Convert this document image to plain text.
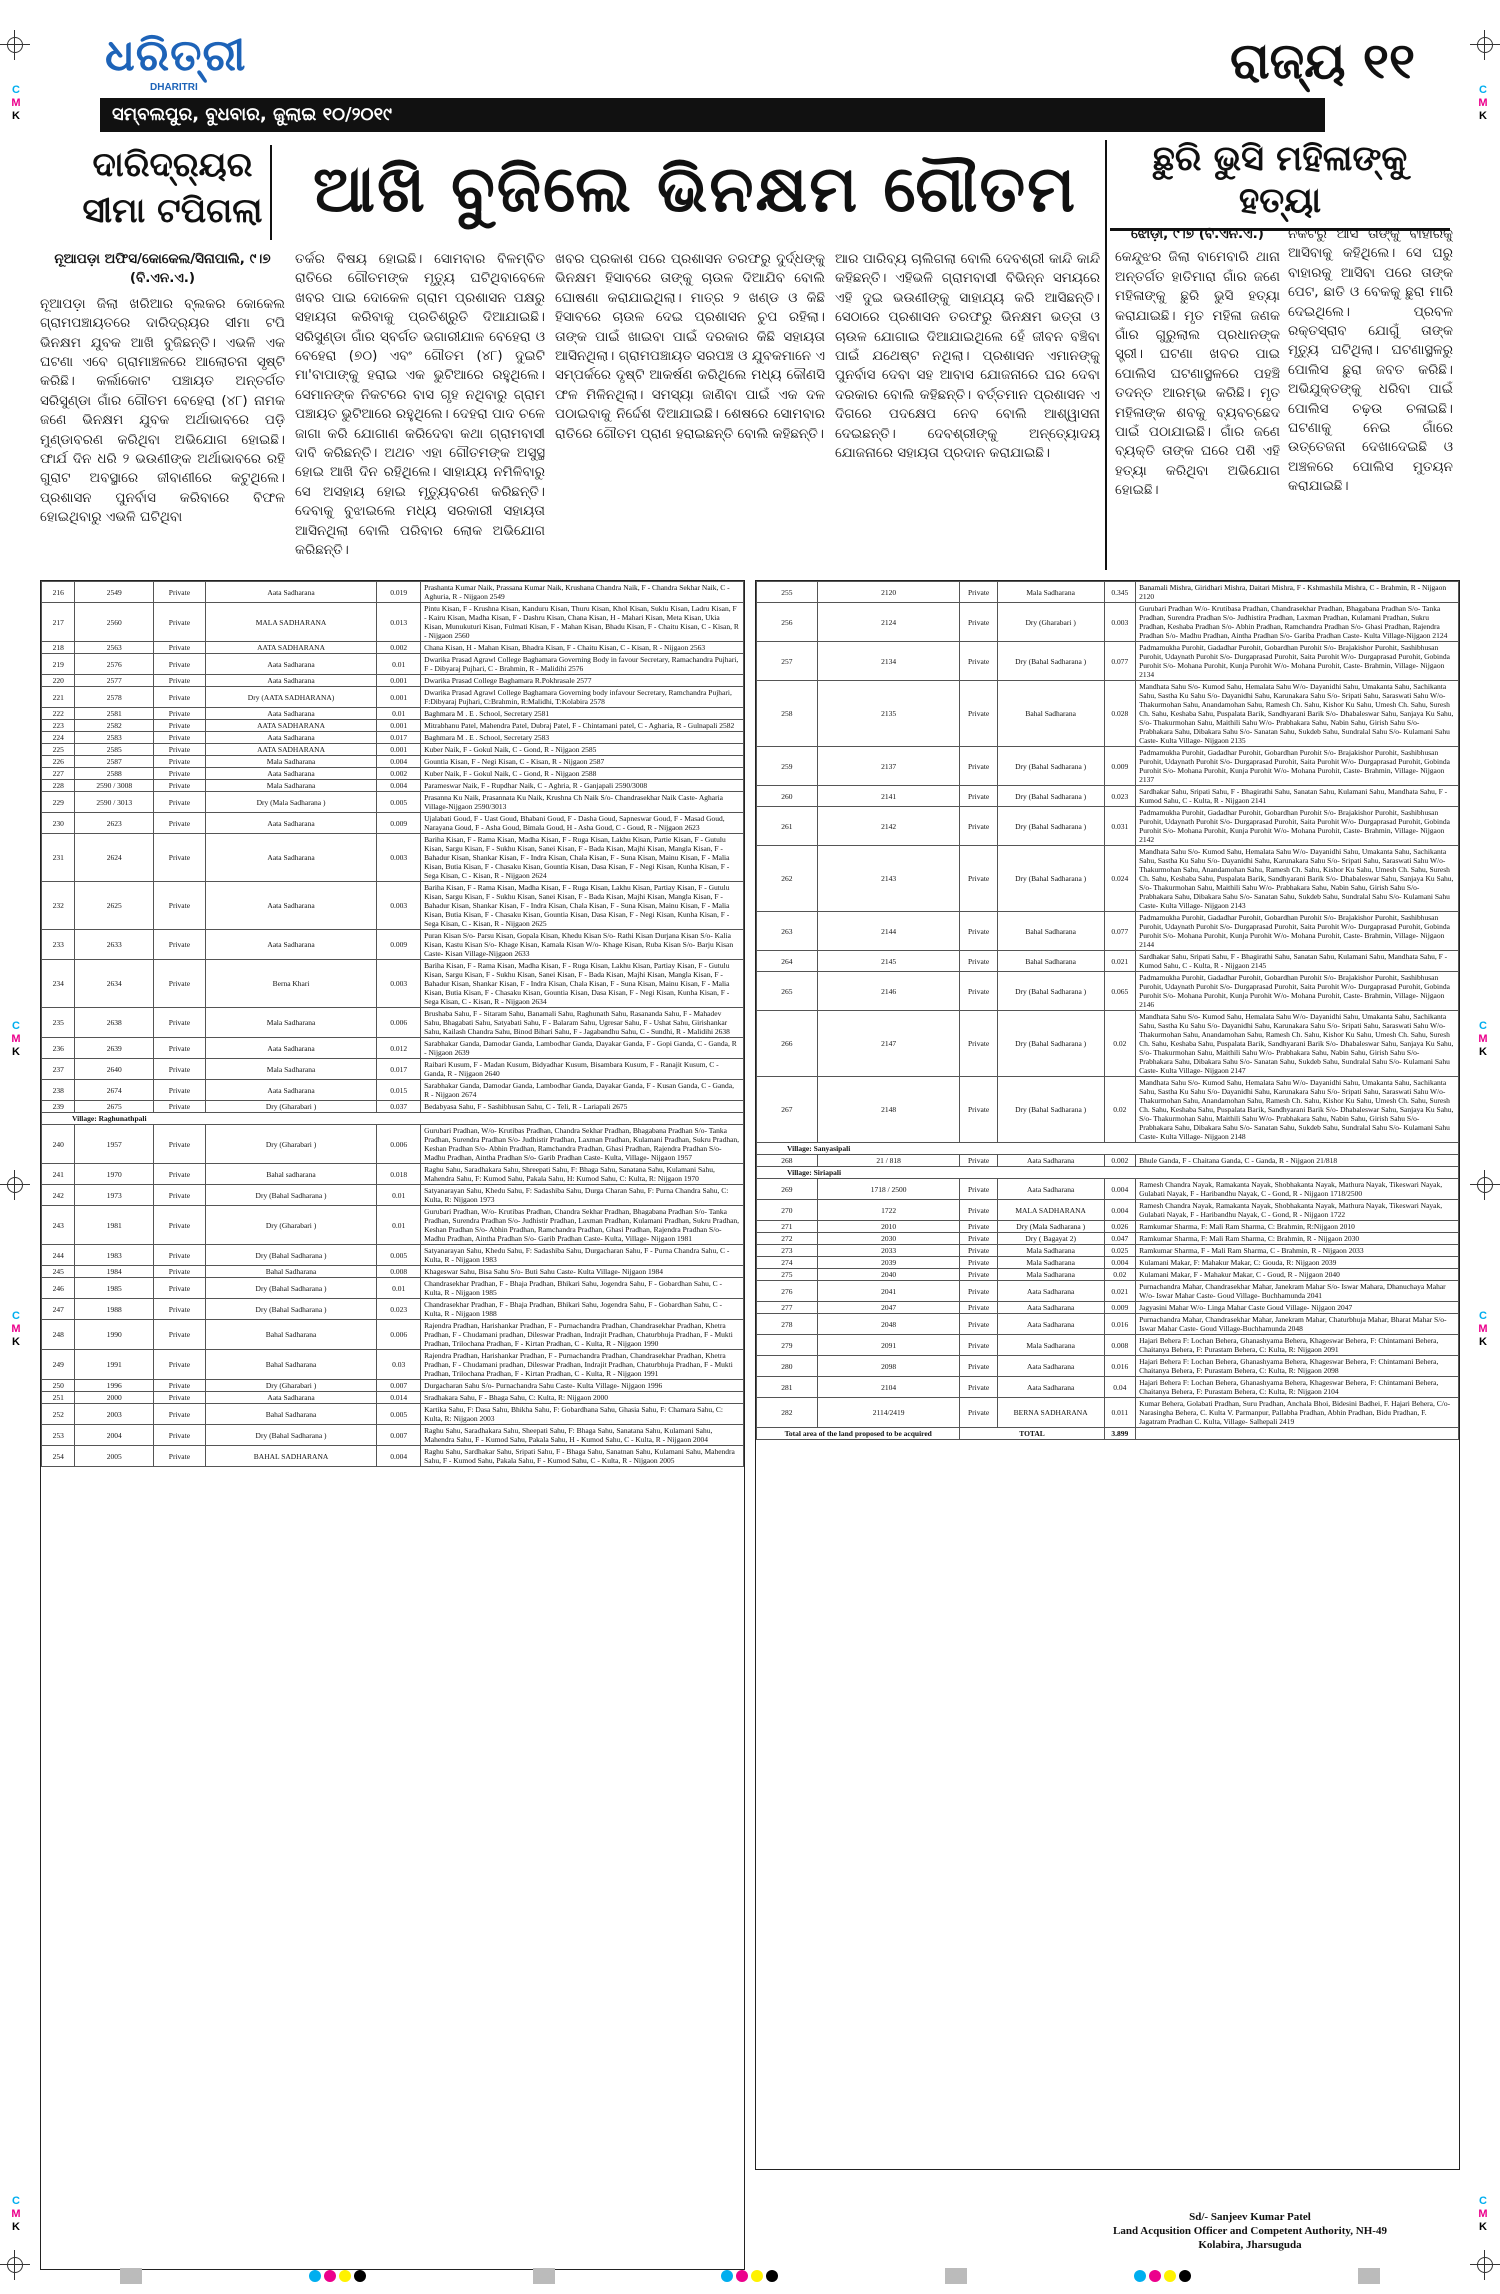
C
M
K
C
M
K
C
M
K
C
M
K
C
M
K
C
M
K
C
M
K
C
M
K
ଧରିତ୍ରୀ
DHARITRI
ସମ୍ବଲପୁର, ବୁଧବାର, ଜୁଲାଇ ୧୦/୨୦୧୯
ରାଜ୍ୟ ୧୧
ଦାରିଦ୍ର୍ୟର ସୀମା ଟପିଗଲା ଆଖି ବୁଜିଲେ ଭିନକ୍ଷମ ଗୌତମ	ଛୁରି ଭୁସି ମହିଳାଙ୍କୁ ହତ୍ୟା
ନୂଆପଡ଼ା ଅଫିସ/କୋକେଲ/ସିନାପାଲି, ୯।୭ (ବି.ଏନ.ଏ.)
ନୂଆପଡ଼ା ଜିଲା ଖରିଆର ବ୍ଲକର କୋକେଲ ଗ୍ରାମପଞ୍ଚାୟତରେ ଦାରିଦ୍ର୍ୟର ସୀମା ଟପି ଭିନକ୍ଷମ ଯୁବକ ଆଖି ବୁଜିଛନ୍ତି। ଏଭଳି ଏକ ଘଟଣା ଏବେ ଗ୍ରାମାଞ୍ଚଳରେ ଆଲୋଚନା ସୃଷ୍ଟି କରିଛି। କର୍ଲାକୋଟ ପଞ୍ଚାୟତ ଅନ୍ତର୍ଗତ ସରିସୁଣ୍ଡା ଗାଁର ଗୌତମ ବେହେରା (୪୮) ନାମକ ଜଣେ ଭିନକ୍ଷମ ଯୁବକ ଅର୍ଥାଭାବରେ ପଡ଼ି ମୁଣ୍ଡାବରଣ କରିଥିବା ଅଭିଯୋଗ ହୋଇଛି। ଫାର୍ଯ ଦିନ ଧରି ୨ ଭଉଣୀଙ୍କ ଅର୍ଥାଭାବରେ ରହି ଗୁରାଟ ଅବସ୍ଥାରେ ଜୀବାଣୀରେ କଟୁଥିଲେ। ପ୍ରଶାସନ ପୁନର୍ବାସ କରିବାରେ ବିଫଳ ହୋଇଥିବାରୁ ଏଭଳି ଘଟିଥିବା
ତର୍କର ବିଷୟ ହୋଇଛି। ସୋମବାର ବିଳମ୍ବିତ ରାତିରେ ଗୌତମଙ୍କ ମୃତ୍ୟୁ ଘଟିଥିବାବେଳେ ଖବର ପାଇ ଦୋକେଳ ଗ୍ରାମ ପ୍ରଶାସନ ପକ୍ଷରୁ ସହାୟତା କରିବାକୁ ପ୍ରତିଶ୍ରୁତି ଦିଆଯାଇଛି। ସରିସୁଣ୍ଡା ଗାଁର ସ୍ବର୍ଗତ ଭଗାରୀଯାଳ ବେହେରା ଓ ବେହେରା (୭୦) ଏବଂ ଗୌତମ (୪୮) ଦୁଇଟି ମା'ବାପାଙ୍କୁ ହରାଇ ଏକ ଭୁଟିଆରେ ରହୁଥିଲେ। ସେମାନଙ୍କ ନିକଟରେ ବାସ ଗୃହ ନଥିବାରୁ ଗ୍ରାମ ପଞ୍ଚାୟତ ଭୁଟିଆରେ ରହୁଥିଲେ। ଦେହରା ପାଦ ଚଳେ ଜାଗା କରି ଯୋଗାଣ କରିଦେବା କଥା ଗ୍ରାମବାସୀ ଦାବି କରିଛନ୍ତି। ଅଥଚ ଏହା ଗୌତମଙ୍କ ଅସୁସ୍ଥ ହୋଇ ଆଖି ଦିନ ରହିଥିଲେ। ସାହାଯ୍ୟ ନମିଳିବାରୁ ସେ ଅସହାୟ ହୋଇ ମୃତ୍ୟୁବରଣ କରିଛନ୍ତି। ଦେବାକୁ ବୁଝାଇଲେ ମଧ୍ୟ ସରକାରୀ ସହାୟତା ଆସିନଥିଲା ବୋଲି ପରିବାର ଲୋକ ଅଭିଯୋଗ କରିଛନ୍ତି।
ଖବର ପ୍ରକାଶ ପରେ ପ୍ରଶାସନ ତରଫରୁ ଦୁର୍ଦ୍ଧଙ୍କୁ ଭିନକ୍ଷମ ହିସାବରେ ତାଙ୍କୁ ଚାଉଳ ଦିଆଯିବ ବୋଲି ଘୋଷଣା କରାଯାଇଥିଲା। ମାତ୍ର ୨ ଖଣ୍ଡ ଓ କିଛି ହିସାବରେ ଚାଉଳ ଦେଇ ପ୍ରଶାସନ ଚୁପ ରହିଲା। ତାଙ୍କ ପାଇଁ ଖାଇବା ପାଇଁ ଦରକାର କିଛି ସହାୟତା ଆସିନଥିଲା। ଗ୍ରାମପଞ୍ଚାୟତ ସରପଞ୍ଚ ଓ ଯୁବକମାନେ ଏ ସମ୍ପର୍କରେ ଦୃଷ୍ଟି ଆକର୍ଷଣ କରିଥିଲେ ମଧ୍ୟ କୌଣସି ଫଳ ମିଳିନଥିଲା। ସମସ୍ୟା ଜାଣିବା ପାଇଁ ଏକ ଦଳ ପଠାଇବାକୁ ନିର୍ଦ୍ଦେଶ ଦିଆଯାଇଛି। ଶେଷରେ ସୋମବାର ରାତିରେ ଗୌତମ ପ୍ରାଣ ହରାଇଛନ୍ତି ବୋଲି କହିଛନ୍ତି।
ଆର ପାରିବ୍ୟ ଚାଲିଗଲା ବୋଲି ଦେବଶ୍ରୀ କାନ୍ଦି କାନ୍ଦି କହିଛନ୍ତି। ଏହିଭଳି ଗ୍ରାମବାସୀ ବିଭିନ୍ନ ସମୟରେ ଏହି ଦୁଇ ଭଉଣୀଙ୍କୁ ସାହାଯ୍ୟ କରି ଆସିଛନ୍ତି। ସେଠାରେ ପ୍ରଶାସନ ତରଫରୁ ଭିନକ୍ଷମ ଭତ୍ତା ଓ ଚାଉଳ ଯୋଗାଇ ଦିଆଯାଇଥିଲେ ହେଁ ଜୀବନ ବଞ୍ଚିବା ପାଇଁ ଯଥେଷ୍ଟ ନଥିଲା। ପ୍ରଶାସନ ଏମାନଙ୍କୁ ପୁନର୍ବାସ ଦେବା ସହ ଆବାସ ଯୋଜନାରେ ଘର ଦେବା ଦରକାର ବୋଲି କହିଛନ୍ତି। ବର୍ତ୍ତମାନ ପ୍ରଶାସନ ଏ ଦିଗରେ ପଦକ୍ଷେପ ନେବ ବୋଲି ଆଶ୍ୱାସନା ଦେଇଛନ୍ତି। ଦେବଶ୍ରୀଙ୍କୁ ଅନ୍ତ୍ୟୋଦୟ ଯୋଜନାରେ ସହାୟତା ପ୍ରଦାନ କରାଯାଇଛି।
ଝୋଡ଼ା, ୯।୭ (ବି.ଏନ.ଏ.)
କେନ୍ଦୁଝର ଜିଲା ବାମେବାରି ଥାନା ଅନ୍ତର୍ଗତ ହାତିମାରା ଗାଁର ଜଣେ ମହିଳାଙ୍କୁ ଛୁରି ଭୁସି ହତ୍ୟା କରାଯାଇଛି। ମୃତ ମହିଳା ଜଣକ ଗାଁର ଗୁରୁଲାଲ ପ୍ରଧାନଙ୍କ ସ୍ତ୍ରୀ। ଘଟଣା ଖବର ପାଇ ପୋଲିସ ଘଟଣାସ୍ଥଳରେ ପହଞ୍ଚି ତଦନ୍ତ ଆରମ୍ଭ କରିଛି। ମୃତ ମହିଳାଙ୍କ ଶବକୁ ବ୍ୟବଚ୍ଛେଦ ପାଇଁ ପଠାଯାଇଛି। ଗାଁର ଜଣେ ବ୍ୟକ୍ତି ତାଙ୍କ ଘରେ ପଶି ଏହି ହତ୍ୟା କରିଥିବା ଅଭିଯୋଗ ହୋଇଛି।
ନିକଟରୁ ଆସି ତାଙ୍କୁ ବାହାରକୁ ଆସିବାକୁ କହିଥିଲେ। ସେ ଘରୁ ବାହାରକୁ ଆସିବା ପରେ ତାଙ୍କ ପେଟ, ଛାତି ଓ ବେକକୁ ଛୁରା ମାରି ଦେଇଥିଲେ। ପ୍ରବଳ ରକ୍ତସ୍ରାବ ଯୋଗୁଁ ତାଙ୍କ ମୃତ୍ୟୁ ଘଟିଥିଲା। ଘଟଣାସ୍ଥଳରୁ ପୋଲିସ ଛୁରା ଜବତ କରିଛି। ଅଭିଯୁକ୍ତଙ୍କୁ ଧରିବା ପାଇଁ ପୋଲିସ ଚଢ଼ଉ ଚଳାଇଛି। ଘଟଣାକୁ ନେଇ ଗାଁରେ ଉତ୍ତେଜନା ଦେଖାଦେଇଛି ଓ ଅଞ୍ଚଳରେ ପୋଲିସ ମୁତୟନ କରାଯାଇଛି।
216	2549	Private	Aata Sadharana	0.019	Prashanta Kumar Naik, Prassana Kumar Naik, Krushana Chandra Naik, F - Chandra Sekhar Naik, C - Aghuria, R - Nijgaon 2549
217	2560	Private	MALA SADHARANA	0.013	Pintu Kisan, F - Krushna Kisan, Kanduru Kisan, Thuru Kisan, Khol Kisan, Suklu Kisan, Ladru Kisan, F - Kairu Kisan, Madha Kisan, F - Dashru Kisan, Chana Kisan, H - Mahari Kisan, Meta Kisan, Ukia Kisan, Munukuturi Kisan, Fulmati Kisan, F - Mahan Kisan, Bhadu Kisan, F - Chaitu Kisan, C - Kisan, R - Nijgaon 2560
218	2563	Private	AATA SADHARANA	0.002	Chana Kisan, H - Mahan Kisan, Bhadra Kisan, F - Chaitu Kisan, C - Kisan, R - Nijgaon 2563
219	2576	Private	Aata Sadharana	0.01	Dwarika Prasad Agrawl College Baghamara Governing Body in favour Secretary, Ramachandra Pujhari, F - Dibyaraj Pujhari, C - Brahmin, R - Malidihi 2576
220	2577	Private	Aata Sadharana	0.001	Dwarika Prasad College Baghamara R.Pokhrasale 2577
221	2578	Private	Dry (AATA SADHARANA)	0.001	Dwarika Prasad Agrawl College Baghamara Governing body infavour Secretary, Ramchandra Pujhari, F:Dibyaraj Pujhari, C:Brahmin, R:Malidhi, T:Kolabira 2578
222	2581	Private	Aata Sadharana	0.01	Baghmara M . E . School, Secretary 2581
223	2582	Private	AATA SADHARANA	0.001	Mitrabhanu Patel, Mahendra Patel, Dubraj Patel, F - Chintamani patel, C - Agharia, R - Gulnapali 2582
224	2583	Private	Aata Sadharana	0.017	Baghmara M . E . School, Secretary 2583
225	2585	Private	AATA SADHARANA	0.001	Kuber Naik, F - Gokul Naik, C - Gond, R - Nijgaon 2585
226	2587	Private	Mala Sadharana	0.004	Gountia Kisan, F - Negi Kisan, C - Kisan, R - Nijgaon 2587
227	2588	Private	Aata Sadharana	0.002	Kuber Naik, F - Gokul Naik, C - Gond, R - Nijgaon 2588
228	2590 / 3008	Private	Mala Sadharana	0.004	Parameswar Naik, F - Rupdhar Naik, C - Aghria, R - Ganjapali 2590/3008
229	2590 / 3013	Private	Dry (Mala Sadharana )	0.005	Prasanna Ku Naik, Prasannata Ku Naik, Krushna Ch Naik S/o- Chandrasekhar Naik Caste- Agharia Village-Nijgaon 2590/3013
230	2623	Private	Aata Sadharana	0.009	Ujalabati Goud, F - Uast Goud, Bhabani Goud, F - Dasha Goud, Sapneswar Goud, F - Masad Goud, Narayana Goud, F - Asha Goud, Bimala Goud, H - Asha Goud, C - Goud, R - Nijgaon 2623
231	2624	Private	Aata Sadharana	0.003	Bariha Kisan, F - Rama Kisan, Madha Kisan, F - Ruga Kisan, Lakhu Kisan, Partie Kisan, F - Gutulu Kisan, Sargu Kisan, F - Sukhu Kisan, Sanei Kisan, F - Bada Kisan, Majhi Kisan, Mangla Kisan, F - Bahadur Kisan, Shankar Kisan, F - Indra Kisan, Chala Kisan, F - Suna Kisan, Mainu Kisan, F - Malia Kisan, Butia Kisan, F - Chasaku Kisan, Gountia Kisan, Dasa Kisan, F - Negi Kisan, Kunha Kisan, F - Sega Kisan, C - Kisan, R - Nijgaon 2624
232	2625	Private	Aata Sadharana	0.003	Bariha Kisan, F - Rama Kisan, Madha Kisan, F - Ruga Kisan, Lakhu Kisan, Partiay Kisan, F - Gutulu Kisan, Sargu Kisan, F - Sukhu Kisan, Sanei Kisan, F - Bada Kisan, Majhi Kisan, Mangla Kisan, F - Bahadur Kisan, Shankar Kisan, F - Indra Kisan, Chala Kisan, F - Suna Kisan, Mainu Kisan, F - Malia Kisan, Butia Kisan, F - Chasaku Kisan, Gountia Kisan, Dasa Kisan, F - Negi Kisan, Kunha Kisan, F - Sega Kisan, C - Kisan, R - Nijgaon 2625
233	2633	Private	Aata Sadharana	0.009	Puran Kisan S/o- Parsu Kisan, Gopala Kisan, Khedu Kisan S/o- Rathi Kisan Durjana Kisan S/o- Kalia Kisan, Kastu Kisan S/o- Khage Kisan, Kamala Kisan W/o- Khage Kisan, Ruba Kisan S/o- Barju Kisan Caste- Kisan Village-Nijgaon 2633
234	2634	Private	Berna Khari	0.003	Bariha Kisan, F - Rama Kisan, Madha Kisan, F - Ruga Kisan, Lakhu Kisan, Partiay Kisan, F - Gutulu Kisan, Sargu Kisan, F - Sukhu Kisan, Sanei Kisan, F - Bada Kisan, Majhi Kisan, Mangla Kisan, F - Bahadur Kisan, Shankar Kisan, F - Indra Kisan, Chala Kisan, F - Suna Kisan, Mainu Kisan, F - Malia Kisan, Butia Kisan, F - Chasaku Kisan, Gountia Kisan, Dasa Kisan, F - Negi Kisan, Kunha Kisan, F - Sega Kisan, C - Kisan, R - Nijgaon 2634
235	2638	Private	Mala Sadharana	0.006	Brushaba Sahu, F - Sitaram Sahu, Banamali Sahu, Raghunath Sahu, Rasananda Sahu, F - Mahadev Sahu, Bhagabati Sahu, Satyabati Sahu, F - Balaram Sahu, Ugresar Sahu, F - Ushat Sahu, Girishankar Sahu, Kailash Chandra Sahu, Binod Bihari Sahu, F - Jagabandhu Sahu, C - Sundhi, R - Malidihi 2638
236	2639	Private	Aata Sadharana	0.012	Sarabhakar Ganda, Damodar Ganda, Lambodhar Ganda, Dayakar Ganda, F - Gopi Ganda, C - Ganda, R - Nijgaon 2639
237	2640	Private	Mala Sadharana	0.017	Raibari Kusum, F - Madan Kusum, Bidyadhar Kusum, Bisambara Kusum, F - Ranajit Kusum, C - Ganda, R - Nijgaon 2640
238	2674	Private	Aata Sadharana	0.015	Sarabhakar Ganda, Damodar Ganda, Lambodhar Ganda, Dayakar Ganda, F - Kusan Ganda, C - Ganda, R - Nijgaon 2674
239	2675	Private	Dry (Gharabari )	0.037	Bedabyasa Sahu, F - Sashibhusan Sahu, C - Teli, R - Lariapali 2675
Village: Raghunathpali					
240	1957	Private	Dry (Gharabari )	0.006	Gurubari Pradhan, W/o- Krutibas Pradhan, Chandra Sekhar Pradhan, Bhagabana Pradhan S/o- Tanka Pradhan, Surendra Pradhan S/o- Judhistir Pradhan, Laxman Pradhan, Kulamani Pradhan, Sukru Pradhan, Keshan Pradhan S/o- Abhin Pradhan, Ramchandra Pradhan, Ghasi Pradhan, Rajendra Pradhan S/o- Madhu Pradhan, Aintha Pradhan S/o- Garib Pradhan Caste- Kulta, Village- Nijgaon 1957
241	1970	Private	Bahal sadharana	0.018	Raghu Sahu, Saradhakara Sahu, Shreepati Sahu, F: Bhaga Sahu, Sanatana Sahu, Kulamani Sahu, Mahendra Sahu, F: Kumod Sahu, Pakala Sahu, H: Kumod Sahu, C: Kulta, R: Nijgaon 1970
242	1973	Private	Dry (Bahal Sadharana )	0.01	Satyanarayan Sahu, Khedu Sahu, F: Sadashiba Sahu, Durga Charan Sahu, F: Purna Chandra Sahu, C: Kulta, R: Nijgaon 1973
243	1981	Private	Dry (Gharabari )	0.01	Gurubari Pradhan, W/o- Krutibas Pradhan, Chandra Sekhar Pradhan, Bhagabana Pradhan S/o- Tanka Pradhan, Surendra Pradhan S/o- Judhistir Pradhan, Laxman Pradhan, Kulamani Pradhan, Sukru Pradhan, Keshan Pradhan S/o- Abhin Pradhan, Ramchandra Pradhan, Ghasi Pradhan, Rajendra Pradhan S/o- Madhu Pradhan, Aintha Pradhan S/o- Garib Pradhan Caste- Kulta, Village- Nijgaon 1981
244	1983	Private	Dry (Bahal Sadharana )	0.005	Satyanarayan Sahu, Khedu Sahu, F: Sadashiba Sahu, Durgacharan Sahu, F - Purna Chandra Sahu, C - Kulta, R - Nijgaon 1983
245	1984	Private	Bahal Sadharana	0.008	Khageswar Sahu, Bisa Sahu S/o- Buti Sahu Caste- Kulta Village- Nijgaon 1984
246	1985	Private	Dry (Bahal Sadharana )	0.01	Chandrasekhar Pradhan, F - Bhaja Pradhan, Bhikari Sahu, Jogendra Sahu, F - Gobardhan Sahu, C - Kulta, R - Nijgaon 1985
247	1988	Private	Dry (Bahal Sadharana )	0.023	Chandrasekhar Pradhan, F - Bhaja Pradhan, Bhikari Sahu, Jogendra Sahu, F - Gobardhan Sahu, C - Kulta, R - Nijgaon 1988
248	1990	Private	Bahal Sadharana	0.006	Rajendra Pradhan, Harishankar Pradhan, F - Purnachandra Pradhan, Chandrasekhar Pradhan, Khetra Pradhan, F - Chudamani pradhan, Dileswar Pradhan, Indrajit Pradhan, Chaturbhuja Pradhan, F - Mukti Pradhan, Trilochana Pradhan, F - Kirtan Pradhan, C - Kulta, R - Nijgaon 1990
249	1991	Private	Bahal Sadharana	0.03	Rajendra Pradhan, Harishankar Pradhan, F - Purnachandra Pradhan, Chandrasekhar Pradhan, Khetra Pradhan, F - Chudamani pradhan, Dileswar Pradhan, Indrajit Pradhan, Chaturbhuja Pradhan, F - Mukti Pradhan, Trilochana Pradhan, F - Kirtan Pradhan, C - Kulta, R - Nijgaon 1991
250	1996	Private	Dry (Gharabari )	0.007	Durgacharan Sahu S/o- Purnachandra Sahu Caste- Kulta Village- Nijgaon 1996
251	2000	Private	Aata Sadharana	0.014	Sradhakara Sahu, F - Bhaga Sahu, C: Kulta, R: Nijgaon 2000
252	2003	Private	Bahal Sadharana	0.005	Kartika Sahu, F: Dasa Sahu, Bhikha Sahu, F: Gobardhana Sahu, Ghasia Sahu, F: Chamara Sahu, C: Kulta, R: Nijgaon 2003
253	2004	Private	Dry (Bahal Sadharana )	0.007	Raghu Sahu, Saradhakara Sahu, Sheepati Sahu, F: Bhaga Sahu, Sanatana Sahu, Kulamani Sahu, Mahendra Sahu, F - Kumod Sahu, Pakala Sahu, H - Kumod Sahu, C - Kulta, R - Nijgaon 2004
254	2005	Private	BAHAL SADHARANA	0.004	Raghu Sahu, Sardhakar Sahu, Sripati Sahu, F - Bhaga Sahu, Sanatnan Sahu, Kulamani Sahu, Mahendra Sahu, F - Kumod Sahu, Pakala Sahu, F - Kumod Sahu, C - Kulta, R - Nijgaon 2005
255	2120	Private	Mala Sadharana	0.345	Banamali Mishra, Giridhari Mishra, Daitari Mishra, F - Kshmashila Mishra, C - Brahmin, R - Nijgaon 2120
256	2124	Private	Dry (Gharabari )	0.003	Gurubari Pradhan W/o- Krutibasa Pradhan, Chandrasekhar Pradhan, Bhagabana Pradhan S/o- Tanka Pradhan, Surendra Pradhan S/o- Judhistira Pradhan, Laxman Pradhan, Kulamani Pradhan, Sukru Pradhan, Keshaba Pradhan S/o- Abhin Pradhan, Ramchandra Pradhan S/o- Ghasi Pradhan, Rajendra Pradhan S/o- Madhu Pradhan, Aintha Pradhan S/o- Gariba Pradhan Caste- Kulta Village-Nijgaon 2124
257	2134	Private	Dry (Bahal Sadharana )	0.077	Padmamukha Purohit, Gadadhar Purohit, Gobardhan Purohit S/o- Brajakishor Purohit, Sashibhusan Purohit, Udaynath Purohit S/o- Durgaprasad Purohit, Saita Purohit W/o- Durgaprasad Purohit, Gobinda Purohit S/o- Mohana Purohit, Kunja Purohit W/o- Mohana Purohit, Caste- Brahmin, Village- Nijgaon 2134
258	2135	Private	Bahal Sadharana	0.028	Mandhata Sahu S/o- Kumod Sahu, Hemalata Sahu W/o- Dayanidhi Sahu, Umakanta Sahu, Sachikanta Sahu, Sastha Ku Sahu S/o- Dayanidhi Sahu, Karunakara Sahu S/o- Sripati Sahu, Saraswati Sahu W/o- Thakurmohan Sahu, Anandamohan Sahu, Ramesh Ch. Sahu, Kishor Ku Sahu, Umesh Ch. Sahu, Suresh Ch. Sahu, Keshaba Sahu, Puspalata Barik, Sandhyarani Barik S/o- Dhabaleswar Sahu, Sanjaya Ku Sahu, S/o- Thakurmohan Sahu, Maithili Sahu W/o- Prabhakara Sahu, Nabin Sahu, Girish Sahu S/o- Prabhakara Sahu, Dibakara Sahu S/o- Sanatan Sahu, Sukdeb Sahu, Sundralal Sahu S/o- Kulamani Sahu Caste- Kulta Village- Nijgaon 2135
259	2137	Private	Dry (Bahal Sadharana )	0.009	Padmamukha Purohit, Gadadhar Purohit, Gobardhan Purohit S/o- Brajakishor Purohit, Sashibhusan Purohit, Udaynath Purohit S/o- Durgaprasad Purohit, Saita Purohit W/o- Durgaprasad Purohit, Gobinda Purohit S/o- Mohana Purohit, Kunja Purohit W/o- Mohana Purohit, Caste- Brahmin, Village- Nijgaon 2137
260	2141	Private	Dry (Bahal Sadharana )	0.023	Sardhakar Sahu, Sripati Sahu, F - Bhagirathi Sahu, Sanatan Sahu, Kulamani Sahu, Mandhata Sahu, F - Kumod Sahu, C - Kulta, R - Nijgaon 2141
261	2142	Private	Dry (Bahal Sadharana )	0.031	Padmamukha Purohit, Gadadhar Purohit, Gobardhan Purohit S/o- Brajakishor Purohit, Sashibhusan Purohit, Udaynath Purohit S/o- Durgaprasad Purohit, Saita Purohit W/o- Durgaprasad Purohit, Gobinda Purohit S/o- Mohana Purohit, Kunja Purohit W/o- Mohana Purohit, Caste- Brahmin, Village- Nijgaon 2142
262	2143	Private	Dry (Bahal Sadharana )	0.024	Mandhata Sahu S/o- Kumod Sahu, Hemalata Sahu W/o- Dayanidhi Sahu, Umakanta Sahu, Sachikanta Sahu, Sastha Ku Sahu S/o- Dayanidhi Sahu, Karunakara Sahu S/o- Sripati Sahu, Saraswati Sahu W/o- Thakurmohan Sahu, Anandamohan Sahu, Ramesh Ch. Sahu, Kishor Ku Sahu, Umesh Ch. Sahu, Suresh Ch. Sahu, Keshaba Sahu, Puspalata Barik, Sandhyarani Barik S/o- Dhabaleswar Sahu, Sanjaya Ku Sahu, S/o- Thakurmohan Sahu, Maithili Sahu W/o- Prabhakara Sahu, Nabin Sahu, Girish Sahu S/o- Prabhakara Sahu, Dibakara Sahu S/o- Sanatan Sahu, Sukdeb Sahu, Sundralal Sahu S/o- Kulamani Sahu Caste- Kulta Village- Nijgaon 2143
263	2144	Private	Bahal Sadharana	0.077	Padmamukha Purohit, Gadadhar Purohit, Gobardhan Purohit S/o- Brajakishor Purohit, Sashibhusan Purohit, Udaynath Purohit S/o- Durgaprasad Purohit, Saita Purohit W/o- Durgaprasad Purohit, Gobinda Purohit S/o- Mohana Purohit, Kunja Purohit W/o- Mohana Purohit, Caste- Brahmin, Village- Nijgaon 2144
264	2145	Private	Bahal Sadharana	0.021	Sardhakar Sahu, Sripati Sahu, F - Bhagirathi Sahu, Sanatan Sahu, Kulamani Sahu, Mandhata Sahu, F - Kumod Sahu, C - Kulta, R - Nijgaon 2145
265	2146	Private	Dry (Bahal Sadharana )	0.065	Padmamukha Purohit, Gadadhar Purohit, Gobardhan Purohit S/o- Brajakishor Purohit, Sashibhusan Purohit, Udaynath Purohit S/o- Durgaprasad Purohit, Saita Purohit W/o- Durgaprasad Purohit, Gobinda Purohit S/o- Mohana Purohit, Kunja Purohit W/o- Mohana Purohit, Caste- Brahmin, Village- Nijgaon 2146
266	2147	Private	Dry (Bahal Sadharana )	0.02	Mandhata Sahu S/o- Kumod Sahu, Hemalata Sahu W/o- Dayanidhi Sahu, Umakanta Sahu, Sachikanta Sahu, Sastha Ku Sahu S/o- Dayanidhi Sahu, Karunakara Sahu S/o- Sripati Sahu, Saraswati Sahu W/o- Thakurmohan Sahu, Anandamohan Sahu, Ramesh Ch. Sahu, Kishor Ku Sahu, Umesh Ch. Sahu, Suresh Ch. Sahu, Keshaba Sahu, Puspalata Barik, Sandhyarani Barik S/o- Dhabaleswar Sahu, Sanjaya Ku Sahu, S/o- Thakurmohan Sahu, Maithili Sahu W/o- Prabhakara Sahu, Nabin Sahu, Girish Sahu S/o- Prabhakara Sahu, Dibakara Sahu S/o- Sanatan Sahu, Sukdeb Sahu, Sundralal Sahu S/o- Kulamani Sahu Caste- Kulta Village- Nijgaon 2147
267	2148	Private	Dry (Bahal Sadharana )	0.02	Mandhata Sahu S/o- Kumod Sahu, Hemalata Sahu W/o- Dayanidhi Sahu, Umakanta Sahu, Sachikanta Sahu, Sastha Ku Sahu S/o- Dayanidhi Sahu, Karunakara Sahu S/o- Sripati Sahu, Saraswati Sahu W/o- Thakurmohan Sahu, Anandamohan Sahu, Ramesh Ch. Sahu, Kishor Ku Sahu, Umesh Ch. Sahu, Suresh Ch. Sahu, Keshaba Sahu, Puspalata Barik, Sandhyarani Barik S/o- Dhabaleswar Sahu, Sanjaya Ku Sahu, S/o- Thakurmohan Sahu, Maithili Sahu W/o- Prabhakara Sahu, Nabin Sahu, Girish Sahu S/o- Prabhakara Sahu, Dibakara Sahu S/o- Sanatan Sahu, Sukdeb Sahu, Sundralal Sahu S/o- Kulamani Sahu Caste- Kulta Village- Nijgaon 2148
Village: Sanyasipali					
268	21 / 818	Private	Aata Sadharana	0.002	Bhule Ganda, F - Chaitana Ganda, C - Ganda, R - Nijgaon 21/818
Village: Siriapali					
269	1718 / 2500	Private	Aata Sadharana	0.004	Ramesh Chandra Nayak, Ramakanta Nayak, Shobhakanta Nayak, Mathura Nayak, Tikeswari Nayak, Gulabati Nayak, F - Haribandhu Nayak, C - Gond, R - Nijgaon 1718/2500
270	1722	Private	MALA SADHARANA	0.004	Ramesh Chandra Nayak, Ramakanta Nayak, Shobhakanta Nayak, Mathura Nayak, Tikeswari Nayak, Gulabati Nayak, F - Haribandhu Nayak, C - Gond, R - Nijgaon 1722
271	2010	Private	Dry (Mala Sadharana )	0.026	Ramkumar Sharma, F: Mali Ram Sharma, C: Brahmin, R:Nijgaon 2010
272	2030	Private	Dry ( Bagayat 2)	0.047	Ramkumar Sharma, F: Mali Ram Sharma, C: Brahmin, R - Nijgaon 2030
273	2033	Private	Mala Sadharana	0.025	Ramkumar Sharma, F - Mali Ram Sharma, C - Brahmin, R - Nijgaon 2033
274	2039	Private	Mala Sadharana	0.004	Kulamani Makar, F: Mahakur Makar, C: Gouda, R: Nijgaon 2039
275	2040	Private	Mala Sadharana	0.02	Kulamani Makar, F - Mahakur Makar, C - Goud, R - Nijgaon 2040
276	2041	Private	Aata Sadharana	0.021	Purnachandra Mahar, Chandrasekhar Mahar, Janekram Mahar S/o- Iswar Mahara, Dhanuchaya Mahar W/o- Iswar Mahar Caste- Goud Village- Buchhamunda 2041
277	2047	Private	Aata Sadharana	0.009	Jagyasini Mahar W/o- Linga Mahar Caste Goud Village- Nijgaon 2047
278	2048	Private	Aata Sadharana	0.016	Purnachandra Mahar, Chandrasekhar Mahar, Janekram Mahar, Chaturbhuja Mahar, Bharat Mahar S/o- Iswar Mahar Caste- Goud Village-Buchhamunda 2048
279	2091	Private	Mala Sadharana	0.008	Hajari Behera F: Lochan Behera, Ghanashyama Behera, Khageswar Behera, F: Chintamani Behera, Chaitanya Behera, F: Purastam Behera, C: Kulta, R: Nijgaon 2091
280	2098	Private	Aata Sadharana	0.016	Hajari Behera F: Lochan Behera, Ghanashyama Behera, Khageswar Behera, F: Chintamani Behera, Chaitanya Behera, F: Purastam Behera, C: Kulta, R: Nijgaon 2098
281	2104	Private	Aata Sadharana	0.04	Hajari Behera F: Lochan Behera, Ghanashyama Behera, Khageswar Behera, F: Chintamani Behera, Chaitanya Behera, F: Purastam Behera, C: Kulta, R: Nijgaon 2104
282	2114/2419	Private	BERNA SADHARANA	0.011	Kumar Behera, Golabati Pradhan, Suru Pradhan, Anchala Bhoi, Bidesini Badhei, F. Hajari Behera, C/o- Narasingha Behera, C. Kulta V. Parmanpur, Pallabha Pradhan, Abhin Pradhan, Bidu Pradhan, F. Jagatram Pradhan C. Kulta, Village- Salhepali 2419
Total area of the land proposed to be acquired		TOTAL		3.899	
Sd/- Sanjeev Kumar Patel
Land Acqusition Officer and Competent Authority, NH-49
Kolabira, Jharsuguda
